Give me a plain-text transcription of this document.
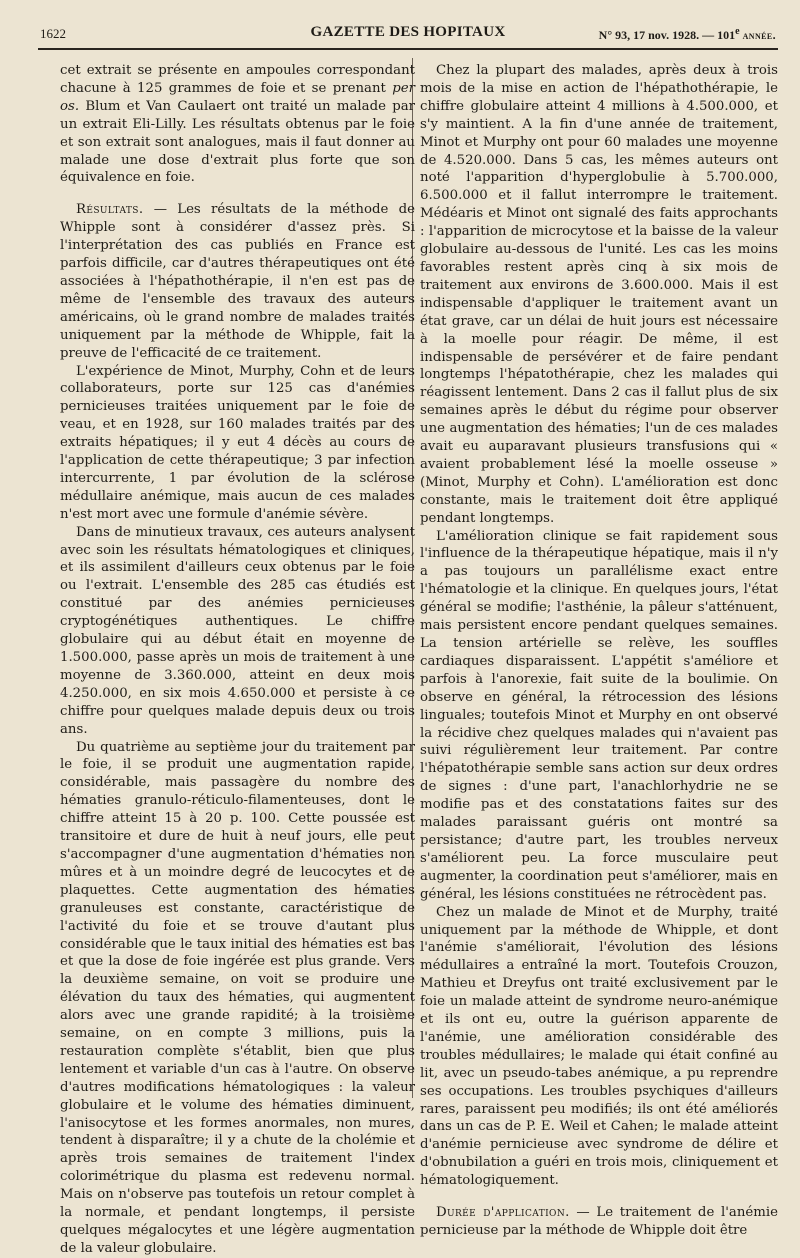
1622	GAZETTE DES HOPITAUX	N° 93, 17 nov. 1928. — 101e année.

cet extrait se présente en ampoules correspondant chacune à 125 grammes de foie et se prenant per os. Blum et Van Caulaert ont traité un malade par un extrait Eli-Lilly. Les résultats obtenus par le foie et son extrait sont analogues, mais il faut donner au malade une dose d'extrait plus forte que son équivalence en foie.

Résultats. — Les résultats de la méthode de Whipple sont à considérer d'assez près. Si l'interprétation des cas publiés en France est parfois difficile, car d'autres thérapeutiques ont été associées à l'hépathothérapie, il n'en est pas de même de l'ensemble des travaux des auteurs américains, où le grand nombre de malades traités uniquement par la méthode de Whipple, fait la preuve de l'efficacité de ce traitement.

L'expérience de Minot, Murphy, Cohn et de leurs collaborateurs, porte sur 125 cas d'anémies pernicieuses traitées uniquement par le foie de veau, et en 1928, sur 160 malades traités par des extraits hépatiques; il y eut 4 décès au cours de l'application de cette thérapeutique; 3 par infection intercurrente, 1 par évolution de la sclérose médullaire anémique, mais aucun de ces malades n'est mort avec une formule d'anémie sévère.

Dans de minutieux travaux, ces auteurs analysent avec soin les résultats hématologiques et cliniques, et ils assimilent d'ailleurs ceux obtenus par le foie ou l'extrait. L'ensemble des 285 cas étudiés est constitué par des anémies pernicieuses cryptogénétiques authentiques. Le chiffre globulaire qui au début était en moyenne de 1.500.000, passe après un mois de traitement à une moyenne de 3.360.000, atteint en deux mois 4.250.000, en six mois 4.650.000 et persiste à ce chiffre pour quelques malade depuis deux ou trois ans.

Du quatrième au septième jour du traitement par le foie, il se produit une augmentation rapide, considérable, mais passagère du nombre des hématies granulo-réticulo-filamenteuses, dont le chiffre atteint 15 à 20 p. 100. Cette poussée est transitoire et dure de huit à neuf jours, elle peut s'accompagner d'une augmentation d'hématies non mûres et à un moindre degré de leucocytes et de plaquettes. Cette augmentation des hématies granuleuses est constante, caractéristique de l'activité du foie et se trouve d'autant plus considérable que le taux initial des hématies est bas et que la dose de foie ingérée est plus grande. Vers la deuxième semaine, on voit se produire une élévation du taux des hématies, qui augmentent alors avec une grande rapidité; à la troisième semaine, on en compte 3 millions, puis la restauration complète s'établit, bien que plus lentement et variable d'un cas à l'autre. On observe d'autres modifications hématologiques : la valeur globulaire et le volume des hématies diminuent, l'anisocytose et les formes anormales, non mures, tendent à disparaître; il y a chute de la cholémie et après trois semaines de traitement l'index colorimétrique du plasma est redevenu normal. Mais on n'observe pas toutefois un retour complet à la normale, et pendant longtemps, il persiste quelques mégalocytes et une légère augmentation de la valeur globulaire.

Chez la plupart des malades, après deux à trois mois de la mise en action de l'hépathothérapie, le chiffre globulaire atteint 4 millions à 4.500.000, et s'y maintient. A la fin d'une année de traitement, Minot et Murphy ont pour 60 malades une moyenne de 4.520.000. Dans 5 cas, les mêmes auteurs ont noté l'apparition d'hyperglobulie à 5.700.000, 6.500.000 et il fallut interrompre le traitement. Médéaris et Minot ont signalé des faits approchants : l'apparition de microcytose et la baisse de la valeur globulaire au-dessous de l'unité. Les cas les moins favorables restent après cinq à six mois de traitement aux environs de 3.600.000. Mais il est indispensable d'appliquer le traitement avant un état grave, car un délai de huit jours est nécessaire à la moelle pour réagir. De même, il est indispensable de persévérer et de faire pendant longtemps l'hépatothérapie, chez les malades qui réagissent lentement. Dans 2 cas il fallut plus de six semaines après le début du régime pour observer une augmentation des hématies; l'un de ces malades avait eu auparavant plusieurs transfusions qui « avaient probablement lésé la moelle osseuse » (Minot, Murphy et Cohn). L'amélioration est donc constante, mais le traitement doit être appliqué pendant longtemps.

L'amélioration clinique se fait rapidement sous l'influence de la thérapeutique hépatique, mais il n'y a pas toujours un parallélisme exact entre l'hématologie et la clinique. En quelques jours, l'état général se modifie; l'asthénie, la pâleur s'atténuent, mais persistent encore pendant quelques semaines. La tension artérielle se relève, les souffles cardiaques disparaissent. L'appétit s'améliore et parfois à l'anorexie, fait suite de la boulimie. On observe en général, la rétrocession des lésions linguales; toutefois Minot et Murphy en ont observé la récidive chez quelques malades qui n'avaient pas suivi régulièrement leur traitement. Par contre l'hépatothérapie semble sans action sur deux ordres de signes : d'une part, l'anachlorhydrie ne se modifie pas et des constatations faites sur des malades paraissant guéris ont montré sa persistance; d'autre part, les troubles nerveux s'améliorent peu. La force musculaire peut augmenter, la coordination peut s'améliorer, mais en général, les lésions constituées ne rétrocèdent pas.

Chez un malade de Minot et de Murphy, traité uniquement par la méthode de Whipple, et dont l'anémie s'améliorait, l'évolution des lésions médullaires a entraîné la mort. Toutefois Crouzon, Mathieu et Dreyfus ont traité exclusivement par le foie un malade atteint de syndrome neuro-anémique et ils ont eu, outre la guérison apparente de l'anémie, une amélioration considérable des troubles médullaires; le malade qui était confiné au lit, avec un pseudo-tabes anémique, a pu reprendre ses occupations. Les troubles psychiques d'ailleurs rares, paraissent peu modifiés; ils ont été améliorés dans un cas de P. E. Weil et Cahen; le malade atteint d'anémie pernicieuse avec syndrome de délire et d'obnubilation a guéri en trois mois, cliniquement et hématologiquement.

Durée d'application. — Le traitement de l'anémie pernicieuse par la méthode de Whipple doit être
